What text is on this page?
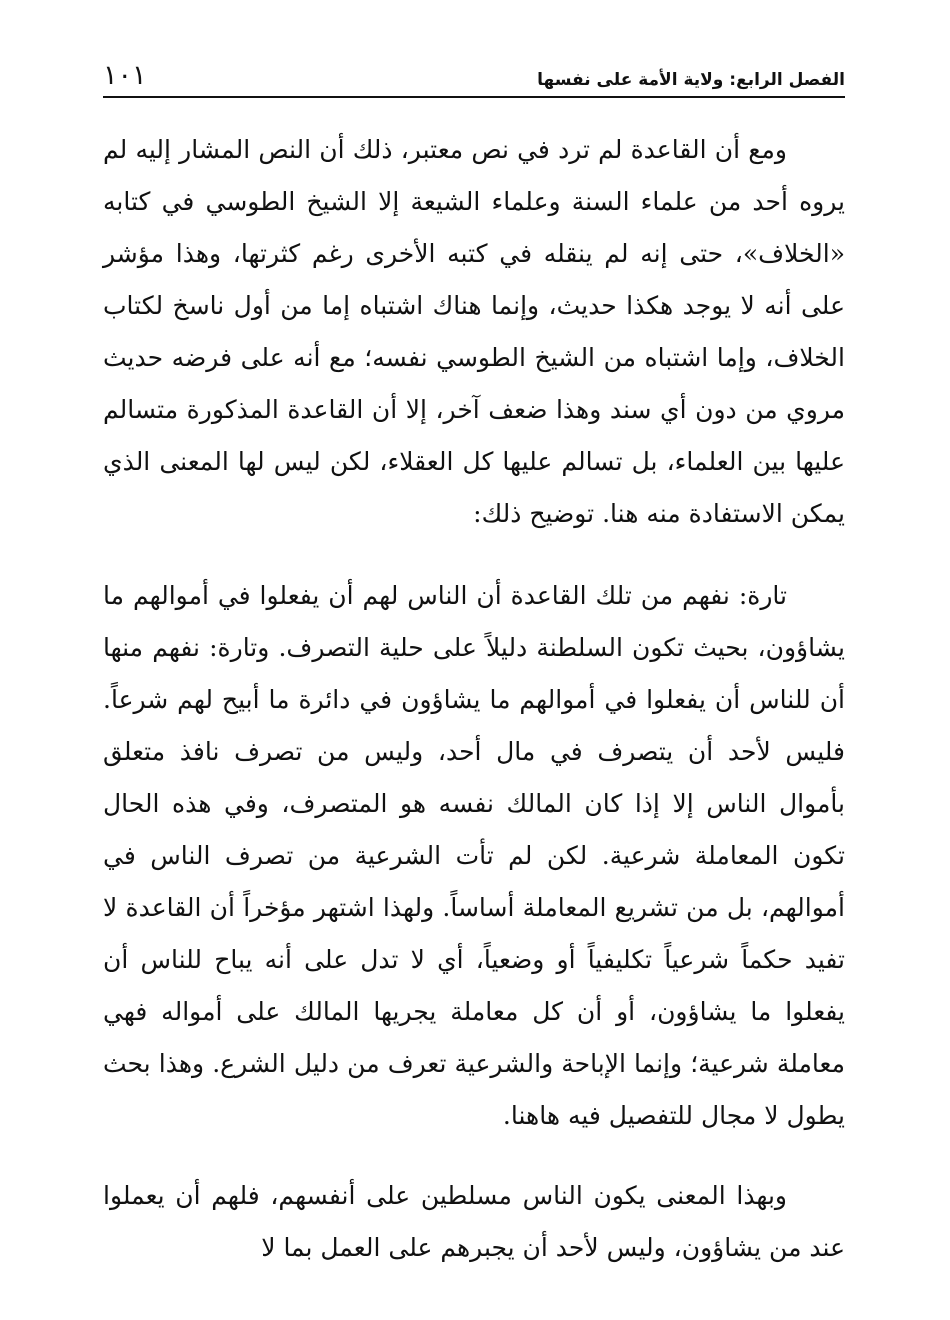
الفصل الرابع: ولاية الأمة على نفسها
١٠١

ومع أن القاعدة لم ترد في نص معتبر، ذلك أن النص المشار إليه لم يروه أحد من علماء السنة وعلماء الشيعة إلا الشيخ الطوسي في كتابه «الخلاف»، حتى إنه لم ينقله في كتبه الأخرى رغم كثرتها، وهذا مؤشر على أنه لا يوجد هكذا حديث، وإنما هناك اشتباه إما من أول ناسخ لكتاب الخلاف، وإما اشتباه من الشيخ الطوسي نفسه؛ مع أنه على فرضه حديث مروي من دون أي سند وهذا ضعف آخر، إلا أن القاعدة المذكورة متسالم عليها بين العلماء، بل تسالم عليها كل العقلاء، لكن ليس لها المعنى الذي يمكن الاستفادة منه هنا. توضيح ذلك:

تارة: نفهم من تلك القاعدة أن الناس لهم أن يفعلوا في أموالهم ما يشاؤون، بحيث تكون السلطنة دليلاً على حلية التصرف. وتارة: نفهم منها أن للناس أن يفعلوا في أموالهم ما يشاؤون في دائرة ما أبيح لهم شرعاً. فليس لأحد أن يتصرف في مال أحد، وليس من تصرف نافذ متعلق بأموال الناس إلا إذا كان المالك نفسه هو المتصرف، وفي هذه الحال تكون المعاملة شرعية. لكن لم تأت الشرعية من تصرف الناس في أموالهم، بل من تشريع المعاملة أساساً. ولهذا اشتهر مؤخراً أن القاعدة لا تفيد حكماً شرعياً تكليفياً أو وضعياً، أي لا تدل على أنه يباح للناس أن يفعلوا ما يشاؤون، أو أن كل معاملة يجريها المالك على أمواله فهي معاملة شرعية؛ وإنما الإباحة والشرعية تعرف من دليل الشرع. وهذا بحث يطول لا مجال للتفصيل فيه هاهنا.

وبهذا المعنى يكون الناس مسلطين على أنفسهم، فلهم أن يعملوا عند من يشاؤون، وليس لأحد أن يجبرهم على العمل بما لا
